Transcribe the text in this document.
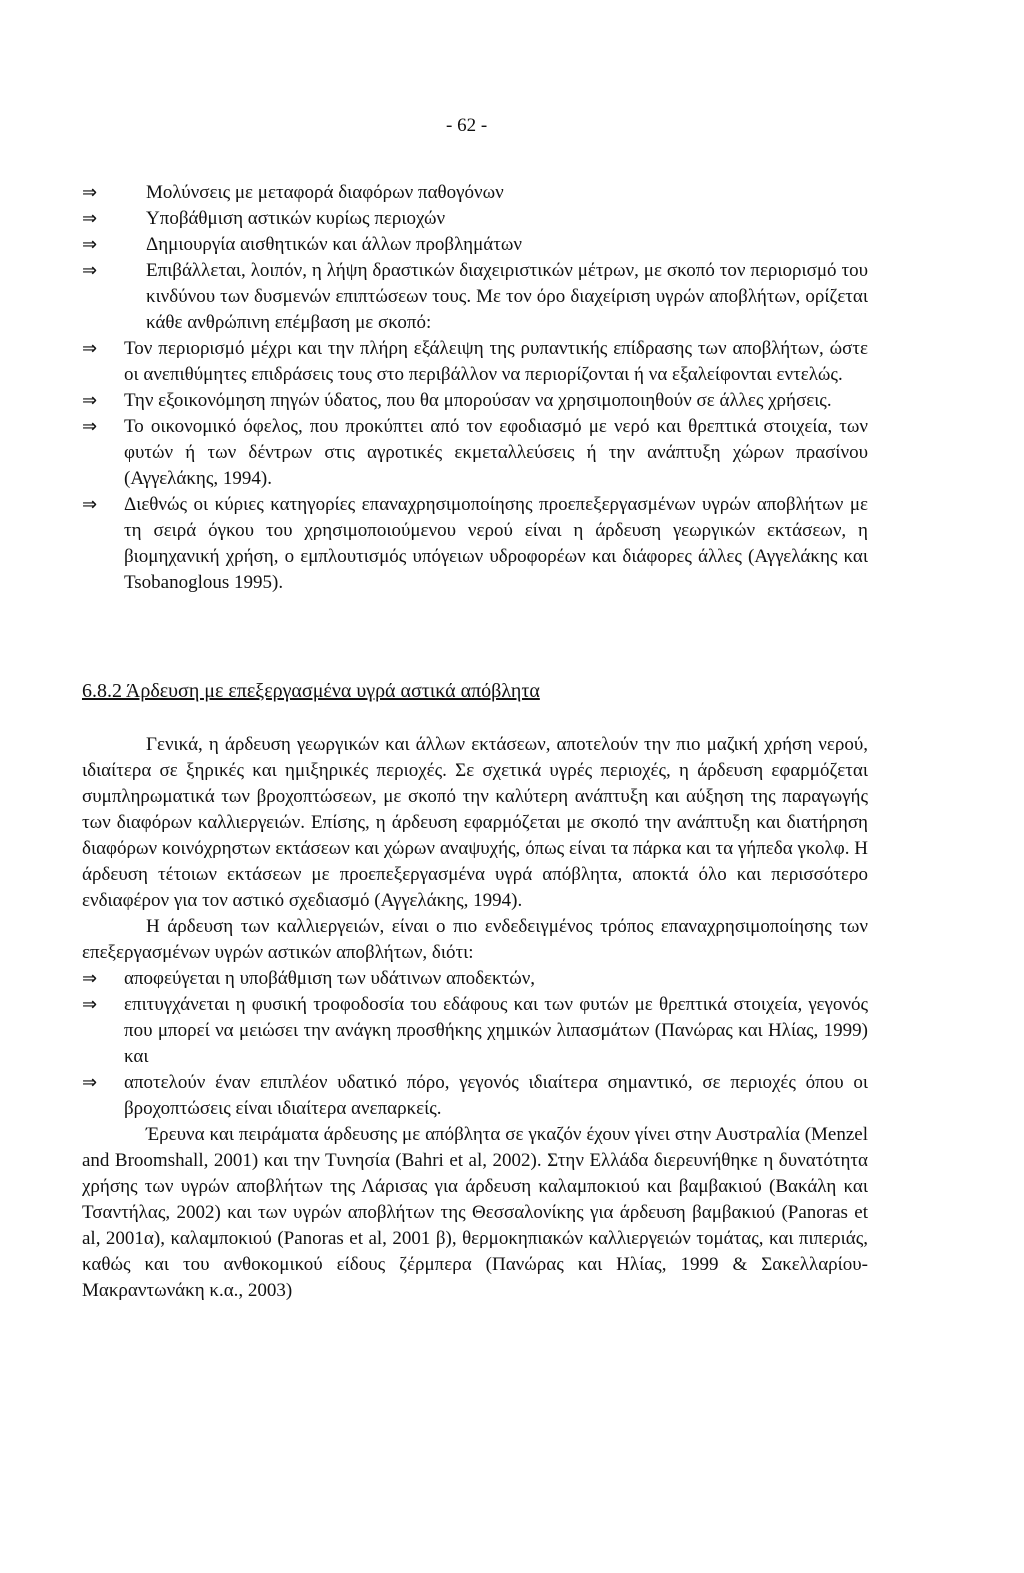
- 62 -
⇒	Μολύνσεις με μεταφορά διαφόρων παθογόνων
⇒	Υποβάθμιση αστικών κυρίως περιοχών
⇒	Δημιουργία αισθητικών και άλλων προβλημάτων
⇒	Επιβάλλεται, λοιπόν, η λήψη δραστικών διαχειριστικών μέτρων, με σκοπό τον περιορισμό του κινδύνου των δυσμενών επιπτώσεων τους. Με τον όρο διαχείριση υγρών αποβλήτων, ορίζεται κάθε ανθρώπινη επέμβαση με σκοπό:
⇒ Τον περιορισμό μέχρι και την πλήρη εξάλειψη της ρυπαντικής επίδρασης των αποβλήτων, ώστε οι ανεπιθύμητες επιδράσεις τους στο περιβάλλον να περιορίζονται ή να εξαλείφονται εντελώς.
⇒ Την εξοικονόμηση πηγών ύδατος, που θα μπορούσαν να χρησιμοποιηθούν σε άλλες χρήσεις.
⇒ Το οικονομικό όφελος, που προκύπτει από τον εφοδιασμό με νερό και θρεπτικά στοιχεία, των φυτών ή των δέντρων στις αγροτικές εκμεταλλεύσεις ή την ανάπτυξη χώρων πρασίνου (Αγγελάκης, 1994).
⇒ Διεθνώς οι κύριες κατηγορίες επαναχρησιμοποίησης προεπεξεργασμένων υγρών αποβλήτων με τη σειρά όγκου του χρησιμοποιούμενου νερού είναι η άρδευση γεωργικών εκτάσεων, η βιομηχανική χρήση, ο εμπλουτισμός υπόγειων υδροφορέων και διάφορες άλλες (Αγγελάκης και Tsobanoglous 1995).
6.8.2 Άρδευση με επεξεργασμένα υγρά αστικά απόβλητα
Γενικά, η άρδευση γεωργικών και άλλων εκτάσεων, αποτελούν την πιο μαζική χρήση νερού, ιδιαίτερα σε ξηρικές και ημιξηρικές περιοχές. Σε σχετικά υγρές περιοχές, η άρδευση εφαρμόζεται συμπληρωματικά των βροχοπτώσεων, με σκοπό την καλύτερη ανάπτυξη και αύξηση της παραγωγής των διαφόρων καλλιεργειών. Επίσης, η άρδευση εφαρμόζεται με σκοπό την ανάπτυξη και διατήρηση διαφόρων κοινόχρηστων εκτάσεων και χώρων αναψυχής, όπως είναι τα πάρκα και τα γήπεδα γκολφ. Η άρδευση τέτοιων εκτάσεων με προεπεξεργασμένα υγρά απόβλητα, αποκτά όλο και περισσότερο ενδιαφέρον για τον αστικό σχεδιασμό (Αγγελάκης, 1994).
Η άρδευση των καλλιεργειών, είναι ο πιο ενδεδειγμένος τρόπος επαναχρησιμοποίησης των επεξεργασμένων υγρών αστικών αποβλήτων, διότι:
⇒ αποφεύγεται η υποβάθμιση των υδάτινων αποδεκτών,
⇒ επιτυγχάνεται η φυσική τροφοδοσία του εδάφους και των φυτών με θρεπτικά στοιχεία, γεγονός που μπορεί να μειώσει την ανάγκη προσθήκης χημικών λιπασμάτων (Πανώρας και Ηλίας, 1999) και
⇒ αποτελούν έναν επιπλέον υδατικό πόρο, γεγονός ιδιαίτερα σημαντικό, σε περιοχές όπου οι βροχοπτώσεις είναι ιδιαίτερα ανεπαρκείς.
Έρευνα και πειράματα άρδευσης με απόβλητα σε γκαζόν έχουν γίνει στην Αυστραλία (Menzel and Broomshall, 2001) και την Τυνησία (Bahri et al, 2002). Στην Ελλάδα διερευνήθηκε η δυνατότητα χρήσης των υγρών αποβλήτων της Λάρισας για άρδευση καλαμποκιού και βαμβακιού (Βακάλη και Τσαντήλας, 2002) και των υγρών αποβλήτων της Θεσσαλονίκης για άρδευση βαμβακιού (Panoras et al, 2001α), καλαμποκιού (Panoras et al, 2001 β), θερμοκηπιακών καλλιεργειών τομάτας, και πιπεριάς, καθώς και του ανθοκομικού είδους ζέρμπερα (Πανώρας και Ηλίας, 1999 & Σακελλαρίου-Μακραντωνάκη κ.α., 2003)
